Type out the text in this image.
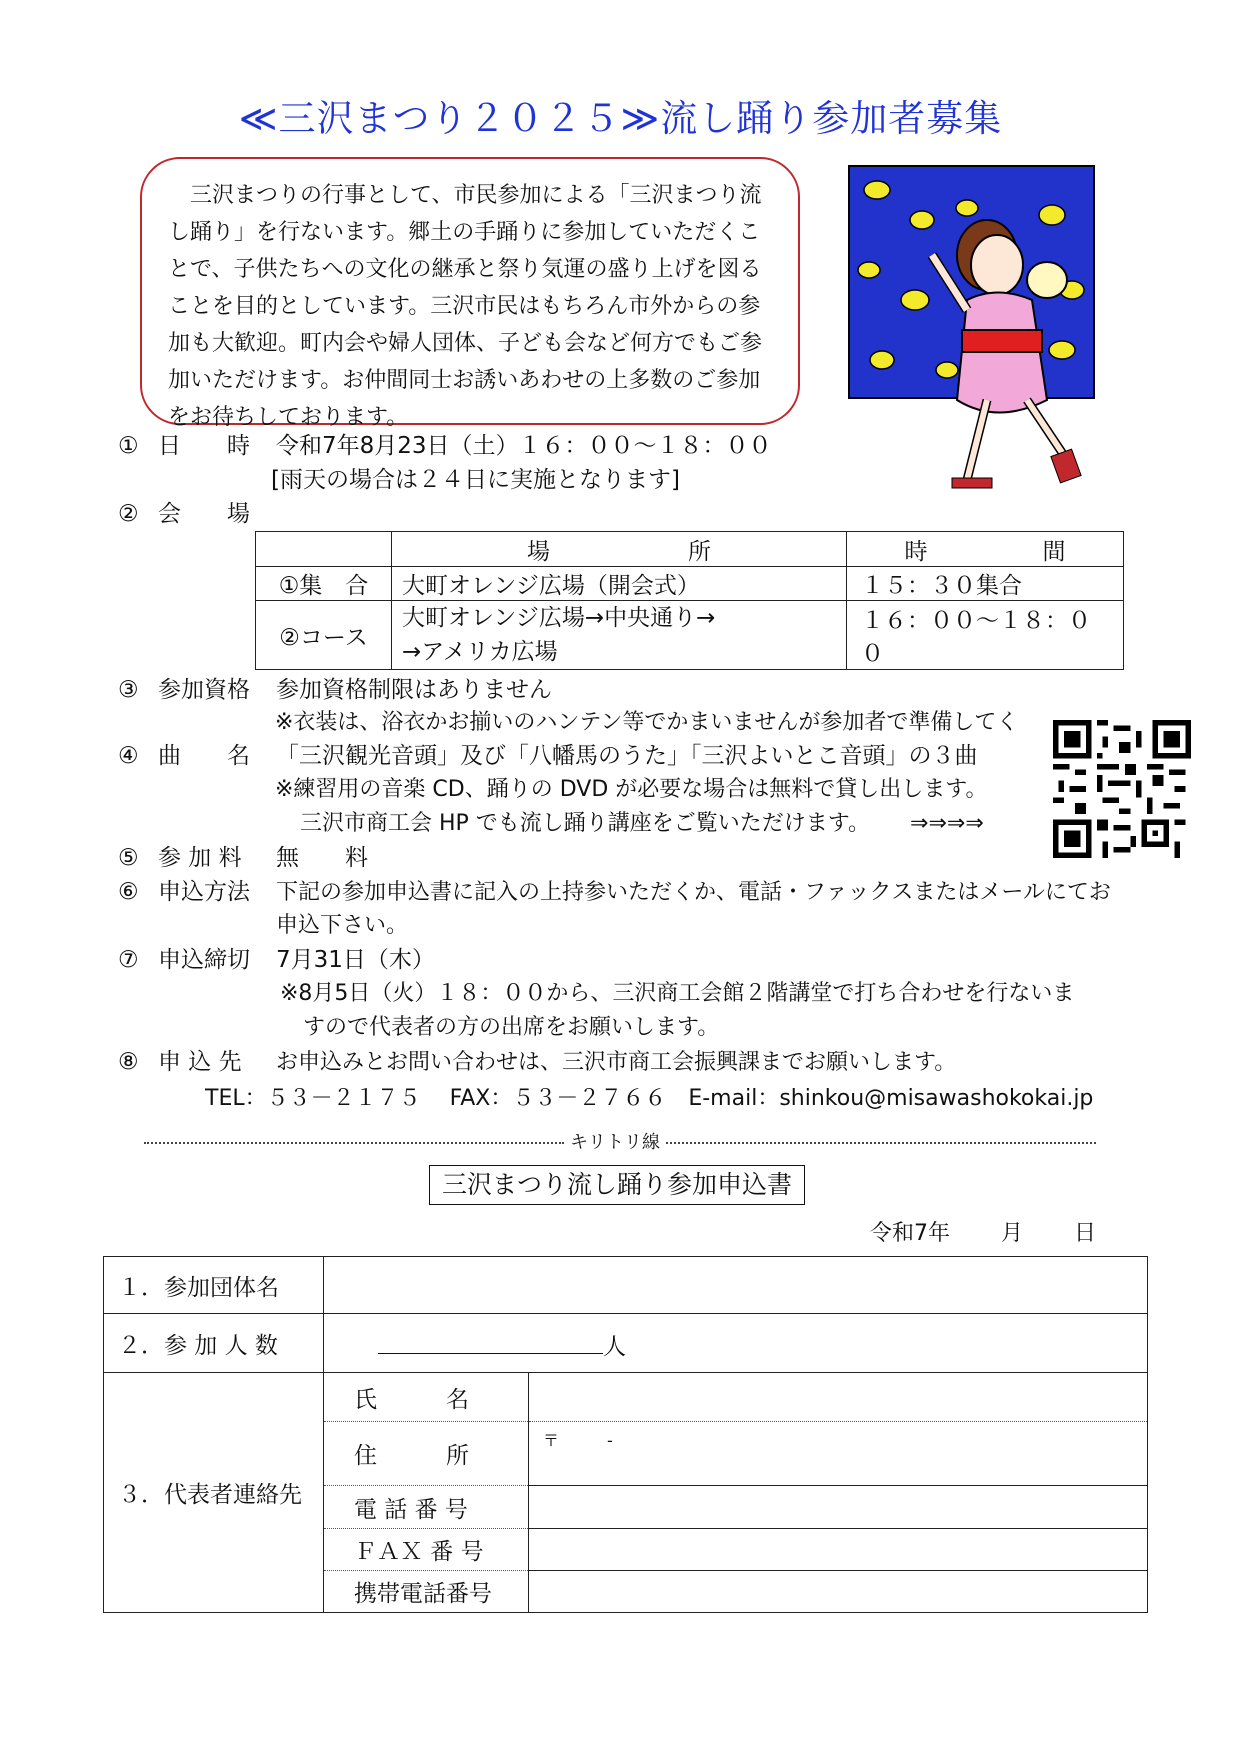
≪三沢まつり２０２５≫流し踊り参加者募集
三沢まつりの行事として、市民参加による「三沢まつり流し踊り」を行ないます。郷土の手踊りに参加していただくことで、子供たちへの文化の継承と祭り気運の盛り上げを図ることを目的としています。三沢市民はもちろん市外からの参加も大歓迎。町内会や婦人団体、子ども会など何方でもご参加いただけます。お仲間同士お誘いあわせの上多数のご参加をお待ちしております。
① 日　　時 令和7年8月23日（土）１６：００～１８：００
[雨天の場合は２４日に実施となります]
② 会　　場
	場　　　　　　所	時　　　　　間
①集　合	大町オレンジ広場（開会式）	１５：３０集合
②コース	大町オレンジ広場→中央通り→
→アメリカ広場	１６：００～１８：００
③ 参加資格 参加資格制限はありません
※衣装は、浴衣かお揃いのハンテン等でかまいませんが参加者で準備してく
④ 曲　　名 「三沢観光音頭」及び「八幡馬のうた」「三沢よいとこ音頭」の３曲
※練習用の音楽 CD、踊りの DVD が必要な場合は無料で貸し出します。
三沢市商工会 HP でも流し踊り講座をご覧いただけます。 ⇒⇒⇒⇒
⑤ 参 加 料 無　　料
⑥ 申込方法 下記の参加申込書に記入の上持参いただくか、電話・ファックスまたはメールにてお
申込下さい。
⑦ 申込締切 7月31日（木）
※8月5日（火）１８：００から、三沢商工会館２階講堂で打ち合わせを行ないま
すので代表者の方の出席をお願いします。
⑧ 申 込 先 お申込みとお問い合わせは、三沢市商工会振興課までお願いします。
TEL：５３－２１７５　 FAX：５３－２７６６　E-mail：shinkou@misawashokokai.jp
キリトリ線
三沢まつり流し踊り参加申込書
令和7年　　 月　　 日
１．参加団体名		
２．参 加 人 数	人	
３．代表者連絡先	氏　　　名	
	住　　　所	〒　　　-
	電 話 番 号	
	ＦＡＸ 番 号	
	携帯電話番号	
